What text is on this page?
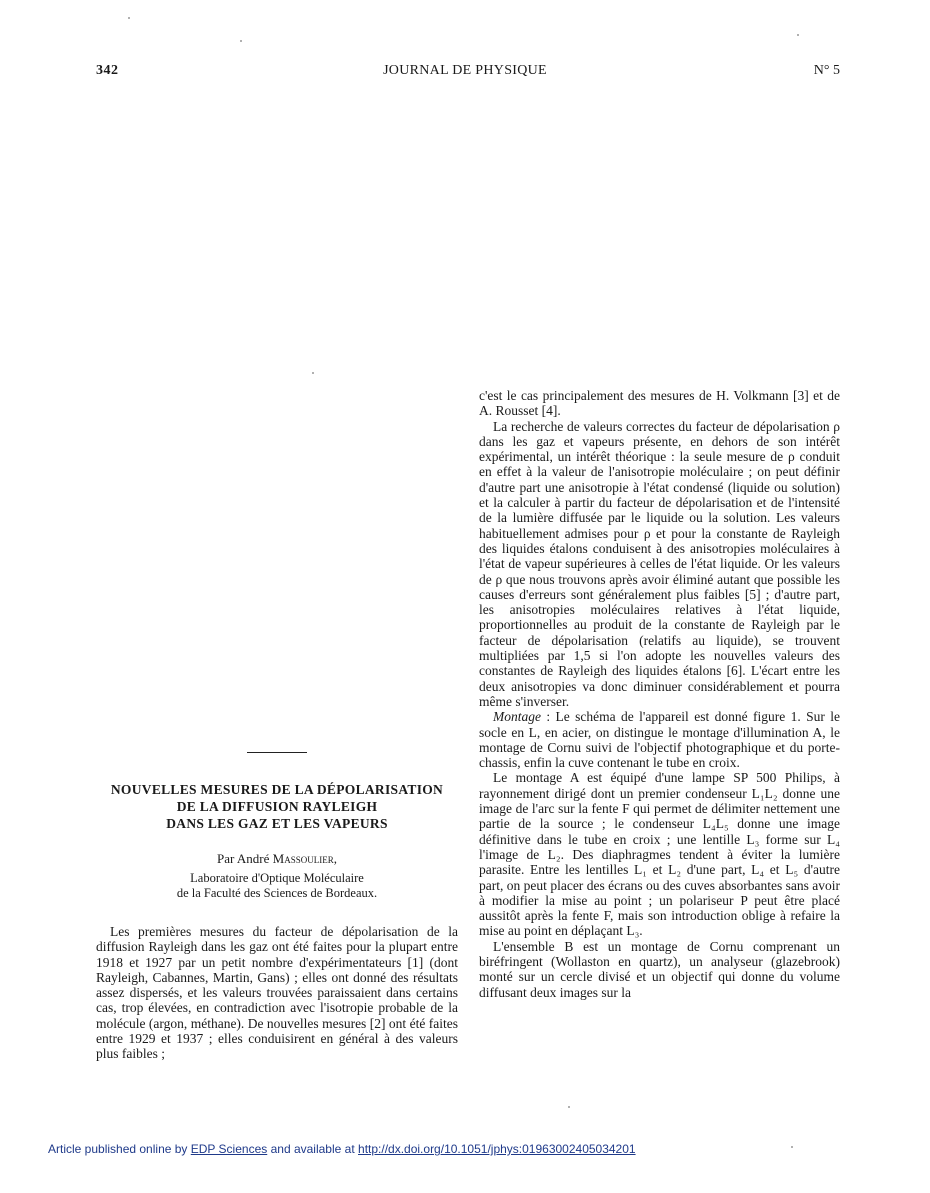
342	JOURNAL DE PHYSIQUE	N° 5

NOUVELLES MESURES DE LA DÉPOLARISATION
DE LA DIFFUSION RAYLEIGH
DANS LES GAZ ET LES VAPEURS

Par André Massoulier,

Laboratoire d'Optique Moléculaire
de la Faculté des Sciences de Bordeaux.

Les premières mesures du facteur de dépolarisation de la diffusion Rayleigh dans les gaz ont été faites pour la plupart entre 1918 et 1927 par un petit nombre d'expérimentateurs [1] (dont Rayleigh, Cabannes, Martin, Gans) ; elles ont donné des résultats assez dispersés, et les valeurs trouvées paraissaient dans certains cas, trop élevées, en contradiction avec l'isotropie probable de la molécule (argon, méthane). De nouvelles mesures [2] ont été faites entre 1929 et 1937 ; elles conduisirent en général à des valeurs plus faibles ;

c'est le cas principalement des mesures de H. Volkmann [3] et de A. Rousset [4].

La recherche de valeurs correctes du facteur de dépolarisation ρ dans les gaz et vapeurs présente, en dehors de son intérêt expérimental, un intérêt théorique : la seule mesure de ρ conduit en effet à la valeur de l'anisotropie moléculaire ; on peut définir d'autre part une anisotropie à l'état condensé (liquide ou solution) et la calculer à partir du facteur de dépolarisation et de l'intensité de la lumière diffusée par le liquide ou la solution. Les valeurs habituellement admises pour ρ et pour la constante de Rayleigh des liquides étalons conduisent à des anisotropies moléculaires à l'état de vapeur supérieures à celles de l'état liquide. Or les valeurs de ρ que nous trouvons après avoir éliminé autant que possible les causes d'erreurs sont généralement plus faibles [5] ; d'autre part, les anisotropies moléculaires relatives à l'état liquide, proportionnelles au produit de la constante de Rayleigh par le facteur de dépolarisation (relatifs au liquide), se trouvent multipliées par 1,5 si l'on adopte les nouvelles valeurs des constantes de Rayleigh des liquides étalons [6]. L'écart entre les deux anisotropies va donc diminuer considérablement et pourra même s'inverser.

Montage : Le schéma de l'appareil est donné figure 1. Sur le socle en L, en acier, on distingue le montage d'illumination A, le montage de Cornu suivi de l'objectif photographique et du porte-chassis, enfin la cuve contenant le tube en croix.

Le montage A est équipé d'une lampe SP 500 Philips, à rayonnement dirigé dont un premier condenseur L₁L₂ donne une image de l'arc sur la fente F qui permet de délimiter nettement une partie de la source ; le condenseur L₄L₅ donne une image définitive dans le tube en croix ; une lentille L₃ forme sur L₄ l'image de L₂. Des diaphragmes tendent à éviter la lumière parasite. Entre les lentilles L₁ et L₂ d'une part, L₄ et L₅ d'autre part, on peut placer des écrans ou des cuves absorbantes sans avoir à modifier la mise au point ; un polariseur P peut être placé aussitôt après la fente F, mais son introduction oblige à refaire la mise au point en déplaçant L₃.

L'ensemble B est un montage de Cornu comprenant un biréfringent (Wollaston en quartz), un analyseur (glazebrook) monté sur un cercle divisé et un objectif qui donne du volume diffusant deux images sur la

Article published online by EDP Sciences and available at http://dx.doi.org/10.1051/jphys:01963002405034201
